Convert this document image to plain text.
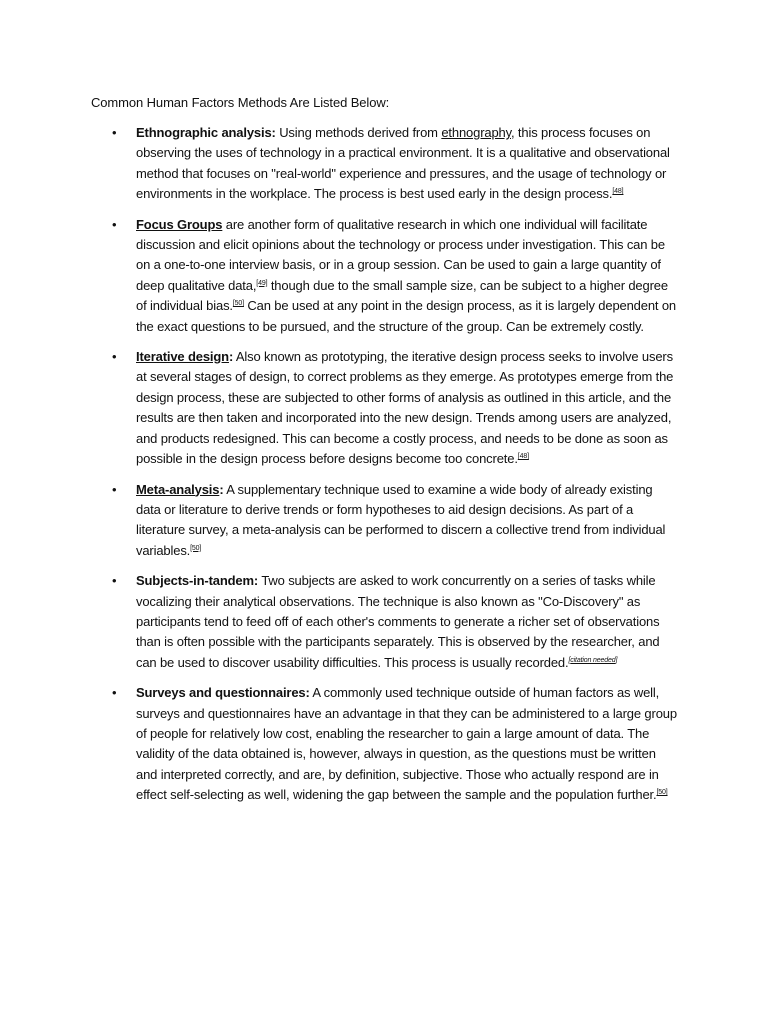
Common Human Factors Methods Are Listed Below:
• Ethnographic analysis: Using methods derived from ethnography, this process focuses on observing the uses of technology in a practical environment. It is a qualitative and observational method that focuses on "real-world" experience and pressures, and the usage of technology or environments in the workplace. The process is best used early in the design process.[48]

• Focus Groups are another form of qualitative research in which one individual will facilitate discussion and elicit opinions about the technology or process under investigation. This can be on a one-to-one interview basis, or in a group session. Can be used to gain a large quantity of deep qualitative data,[49] though due to the small sample size, can be subject to a higher degree of individual bias.[50] Can be used at any point in the design process, as it is largely dependent on the exact questions to be pursued, and the structure of the group. Can be extremely costly.

• Iterative design: Also known as prototyping, the iterative design process seeks to involve users at several stages of design, to correct problems as they emerge. As prototypes emerge from the design process, these are subjected to other forms of analysis as outlined in this article, and the results are then taken and incorporated into the new design. Trends among users are analyzed, and products redesigned. This can become a costly process, and needs to be done as soon as possible in the design process before designs become too concrete.[48]

• Meta-analysis: A supplementary technique used to examine a wide body of already existing data or literature to derive trends or form hypotheses to aid design decisions. As part of a literature survey, a meta-analysis can be performed to discern a collective trend from individual variables.[50]

• Subjects-in-tandem: Two subjects are asked to work concurrently on a series of tasks while vocalizing their analytical observations. The technique is also known as "Co-Discovery" as participants tend to feed off of each other's comments to generate a richer set of observations than is often possible with the participants separately. This is observed by the researcher, and can be used to discover usability difficulties. This process is usually recorded.[citation needed]

• Surveys and questionnaires: A commonly used technique outside of human factors as well, surveys and questionnaires have an advantage in that they can be administered to a large group of people for relatively low cost, enabling the researcher to gain a large amount of data. The validity of the data obtained is, however, always in question, as the questions must be written and interpreted correctly, and are, by definition, subjective. Those who actually respond are in effect self-selecting as well, widening the gap between the sample and the population further.[50]
